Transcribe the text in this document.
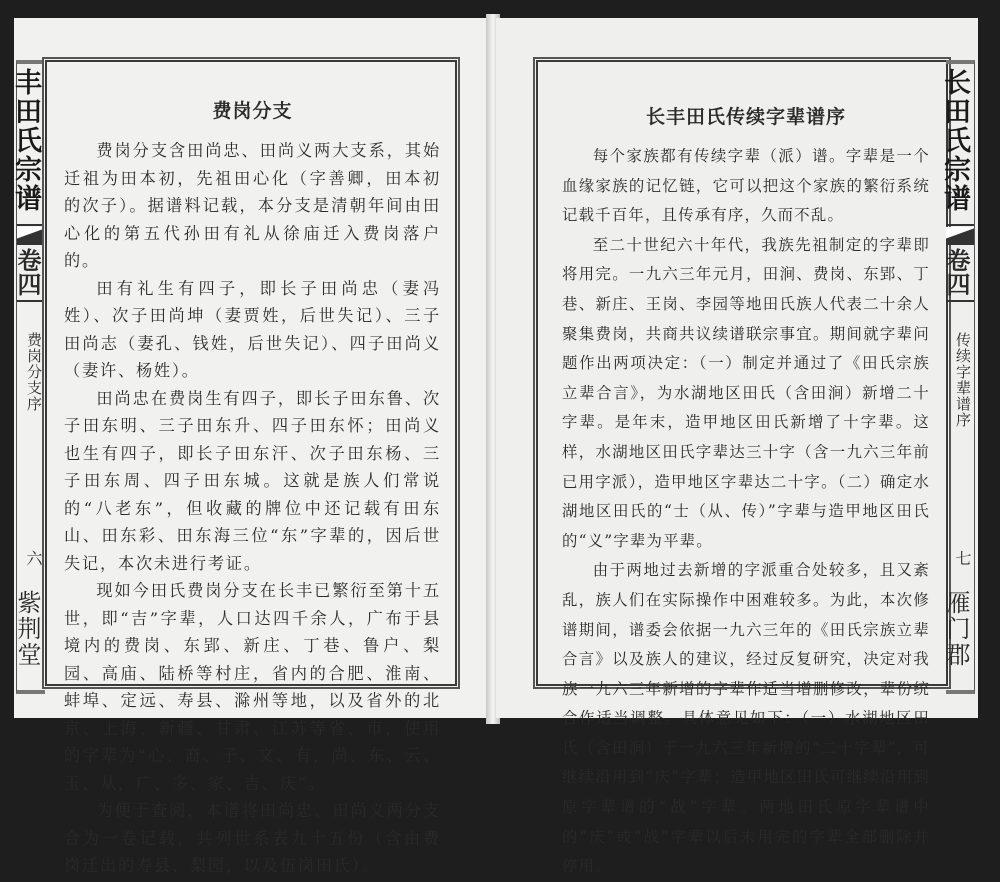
丰田氏宗谱
卷四
费岗分支序
六
紫荆堂
费岗分支

费岗分支含田尚忠、田尚义两大支系，其始迁祖为田本初，先祖田心化（字善卿，田本初的次子）。据谱料记载，本分支是清朝年间由田心化的第五代孙田有礼从徐庙迁入费岗落户的。

田有礼生有四子，即长子田尚忠（妻冯姓）、次子田尚坤（妻贾姓，后世失记）、三子田尚志（妻孔、钱姓，后世失记）、四子田尚义（妻许、杨姓）。

田尚忠在费岗生有四子，即长子田东鲁、次子田东明、三子田东升、四子田东怀；田尚义也生有四子，即长子田东汗、次子田东杨、三子田东周、四子田东城。这就是族人们常说的“八老东”，但收藏的牌位中还记载有田东山、田东彩、田东海三位“东”字辈的，因后世失记，本次未进行考证。

现如今田氏费岗分支在长丰已繁衍至第十五世，即“吉”字辈，人口达四千余人，广布于县境内的费岗、东郢、新庄、丁巷、鲁户、梨园、高庙、陆桥等村庄，省内的合肥、淮南、蚌埠、定远、寿县、滁州等地，以及省外的北京、上海、新疆、甘肃、江苏等省、市，使用的字辈为“心、裔、子、文、有，尚、东、云、玉、从，广、多、家、吉、庆”。

为便于查阅，本谱将田尚忠、田尚义两分支合为一卷记载，共列世系表九十五份（含由费岗迁出的寿县、梨园，以及伍岗田氏）。

长丰田氏传续字辈谱序

每个家族都有传续字辈（派）谱。字辈是一个血缘家族的记忆链，它可以把这个家族的繁衍系统记载千百年，且传承有序，久而不乱。

至二十世纪六十年代，我族先祖制定的字辈即将用完。一九六三年元月，田涧、费岗、东郢、丁巷、新庄、王岗、李园等地田氏族人代表二十余人聚集费岗，共商共议续谱联宗事宜。期间就字辈问题作出两项决定：（一）制定并通过了《田氏宗族立辈合言》，为水湖地区田氏（含田涧）新增二十字辈。是年末，造甲地区田氏新增了十字辈。这样，水湖地区田氏字辈达三十字（含一九六三年前已用字派），造甲地区字辈达二十字。（二）确定水湖地区田氏的“士（从、传）”字辈与造甲地区田氏的“义”字辈为平辈。

由于两地过去新增的字派重合处较多，且又紊乱，族人们在实际操作中困难较多。为此，本次修谱期间，谱委会依据一九六三年的《田氏宗族立辈合言》以及族人的建议，经过反复研究，决定对我族一九六三年新增的字辈作适当增删修改，辈份统合作适当调整。具体意见如下：（一）水湖地区田氏（含田涧）于一九六三年新增的“二十字辈”，可继续沿用到“庆”字辈；造甲地区田氏可继续沿用到原字辈谱的“战”字辈。两地田氏原字辈谱中的“庆”或“战”字辈以后未用完的字辈全部删除并停用。

长田氏宗谱
卷四
传续字辈谱序
七
雁门郡
